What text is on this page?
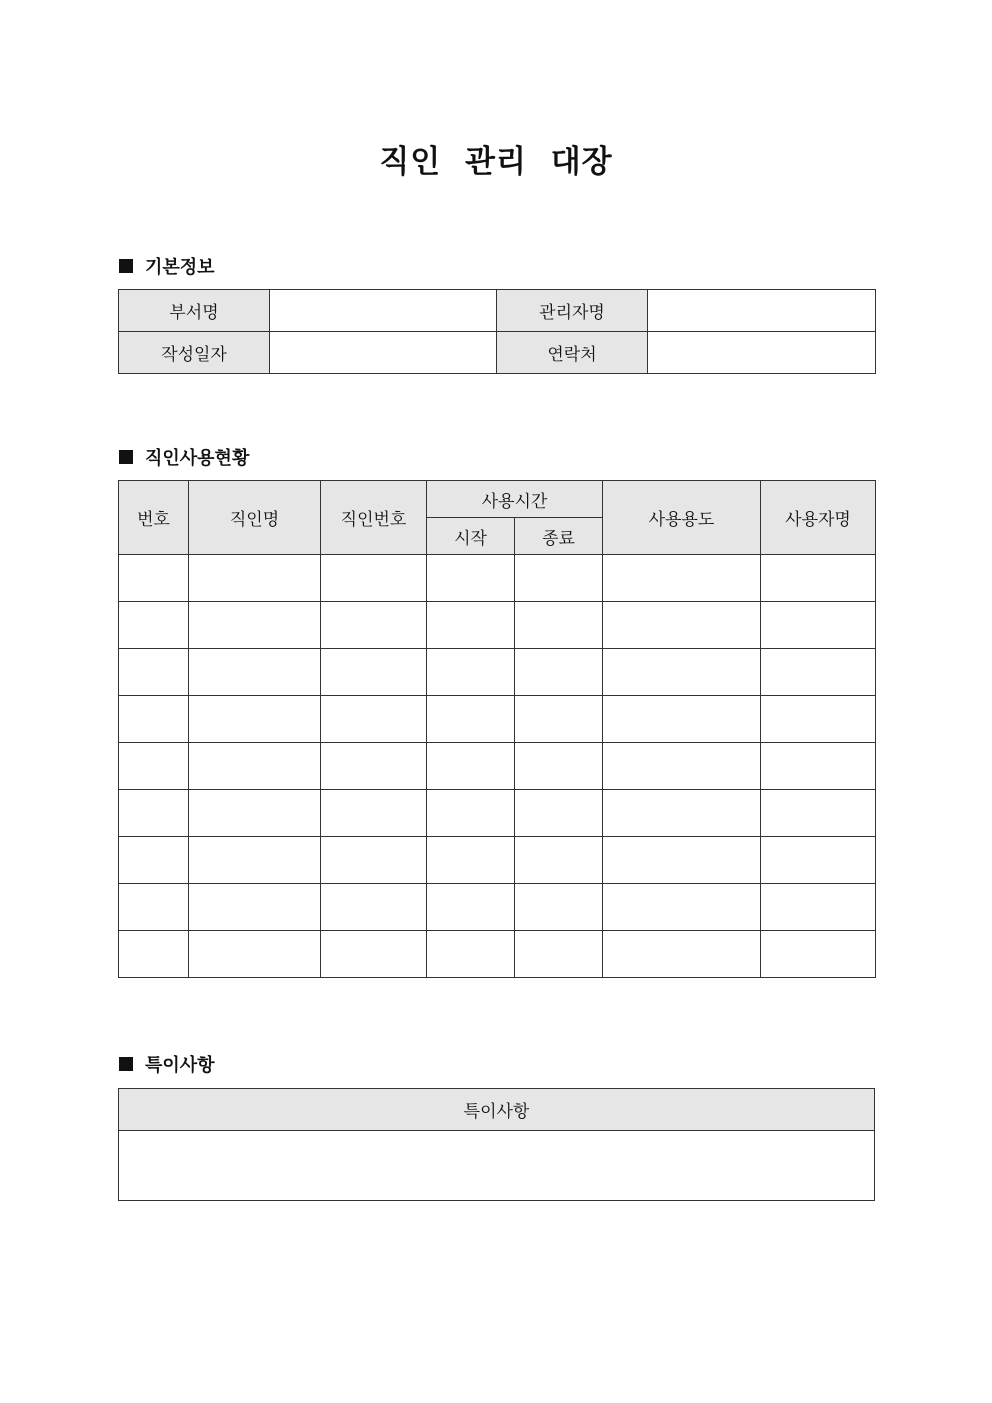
직인 관리 대장
기본정보
부서명		관리자명	
작성일자		연락처	
직인사용현황
번호	직인명	직인번호	사용시간		사용용도	사용자명
			시작	종료		

특이사항
특이사항
